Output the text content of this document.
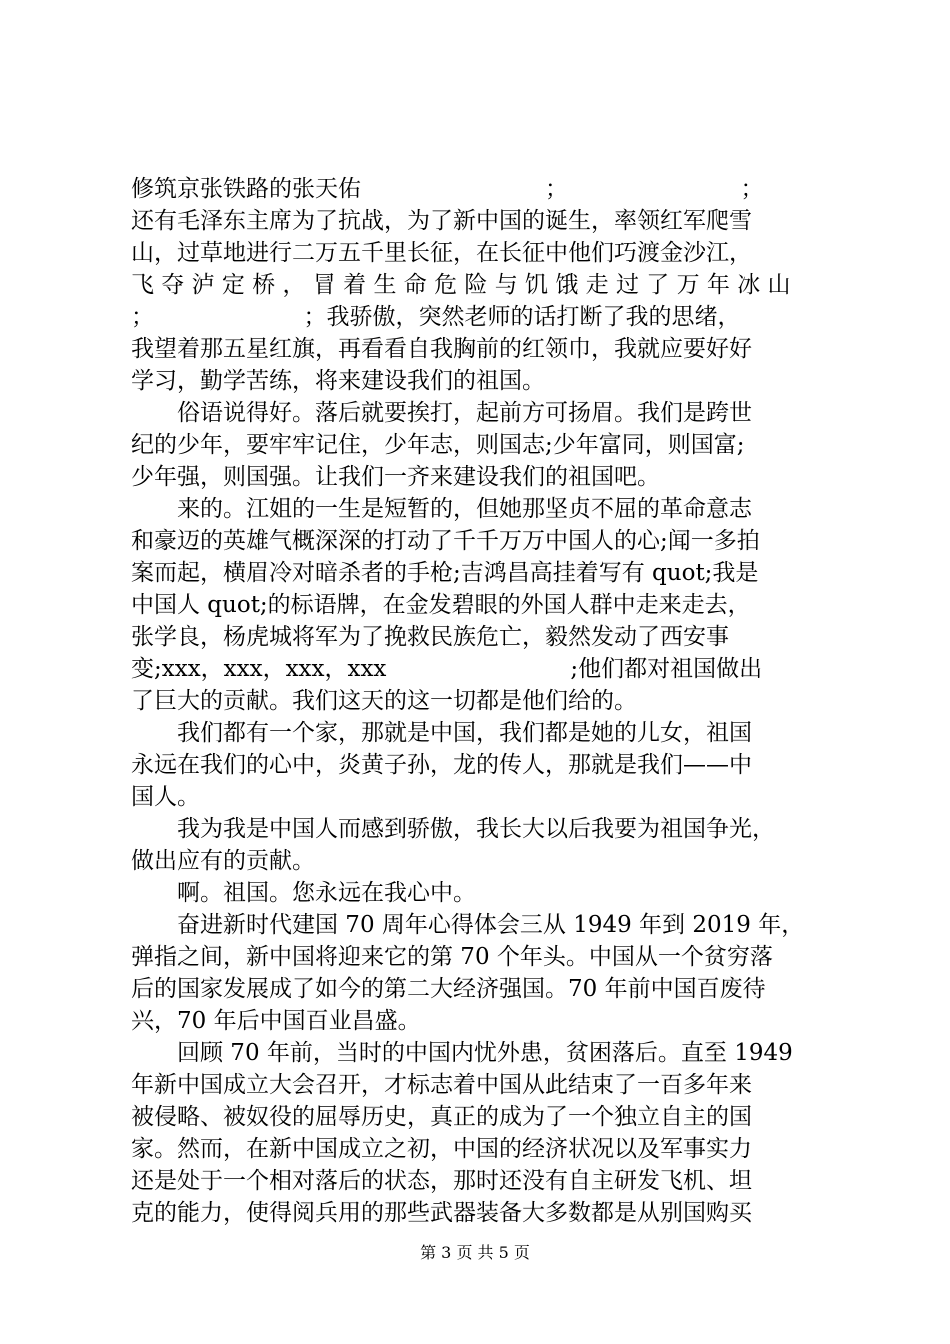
修筑京张铁路的张天佑　　　　　　　　；　　　　　　　　；
还有毛泽东主席为了抗战，为了新中国的诞生，率领红军爬雪
山，过草地进行二万五千里长征，在长征中他们巧渡金沙江，
飞 夺 泸 定 桥 ， 冒 着 生 命 危 险 与 饥 饿 走 过 了 万 年 冰 山
；　　　　　　　；我骄傲，突然老师的话打断了我的思绪，
我望着那五星红旗，再看看自我胸前的红领巾，我就应要好好
学习，勤学苦练，将来建设我们的祖国。
俗语说得好。落后就要挨打，起前方可扬眉。我们是跨世
纪的少年，要牢牢记住，少年志，则国志;少年富同，则国富;
少年强，则国强。让我们一齐来建设我们的祖国吧。
来的。江姐的一生是短暂的，但她那坚贞不屈的革命意志
和豪迈的英雄气概深深的打动了千千万万中国人的心;闻一多拍
案而起，横眉冷对暗杀者的手枪;吉鸿昌高挂着写有 quot;我是
中国人 quot;的标语牌，在金发碧眼的外国人群中走来走去，
张学良，杨虎城将军为了挽救民族危亡，毅然发动了西安事
变;xxx，xxx，xxx，xxx　　　　　　　　;他们都对祖国做出
了巨大的贡献。我们这天的这一切都是他们给的。
我们都有一个家，那就是中国，我们都是她的儿女，祖国
永远在我们的心中，炎黄子孙，龙的传人，那就是我们——中
国人。
我为我是中国人而感到骄傲，我长大以后我要为祖国争光，
做出应有的贡献。
啊。祖国。您永远在我心中。
奋进新时代建国 70 周年心得体会三从 1949 年到 2019 年，
弹指之间，新中国将迎来它的第 70 个年头。中国从一个贫穷落
后的国家发展成了如今的第二大经济强国。70 年前中国百废待
兴，70 年后中国百业昌盛。
回顾 70 年前，当时的中国内忧外患，贫困落后。直至 1949
年新中国成立大会召开，才标志着中国从此结束了一百多年来
被侵略、被奴役的屈辱历史，真正的成为了一个独立自主的国
家。然而，在新中国成立之初，中国的经济状况以及军事实力
还是处于一个相对落后的状态，那时还没有自主研发飞机、坦
克的能力，使得阅兵用的那些武器装备大多数都是从别国购买
第 3 页 共 5 页
